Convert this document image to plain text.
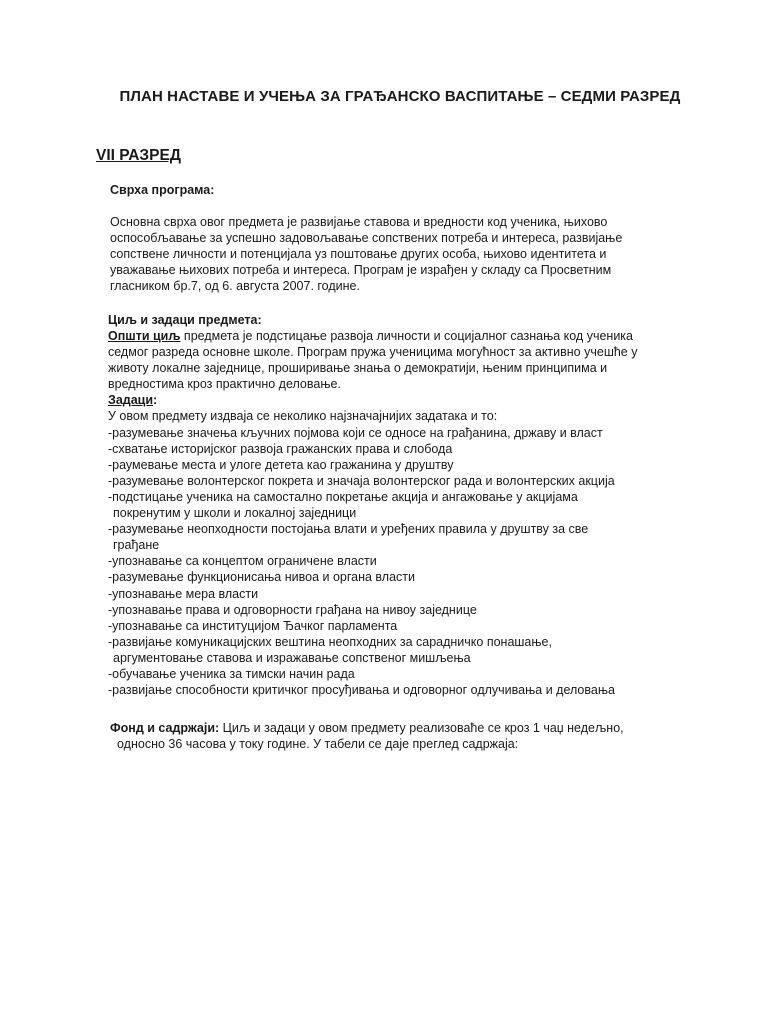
ПЛАН НАСТАВЕ И УЧЕЊА ЗА ГРАЂАНСКО ВАСПИТАЊЕ – СЕДМИ РАЗРЕД
VII РАЗРЕД
Сврха програма:
Основна сврха овог предмета је развијање ставова и вредности код ученика, њихово
оспособљавање за успешно задовољавање сопствених потреба и интереса, развијање
сопствене личности и потенцијала уз поштовање других особа, њихово идентитета и
уважавање њихових потреба и интереса. Програм је израђен у складу са Просветним
гласником бр.7, од 6. августа 2007. године.
Циљ и задаци предмета:
Општи циљ предмета је подстицање развоја личности и социјалног сазнања код ученика
седмог разреда основне школе. Програм пружа ученицима могућност за активно учешће у
животу локалне заједнице, проширивање знања о демократији, њеним принципима и
вредностима кроз практично деловање.
Задаци:
У овом предмету издваја се неколико најзначајнијих задатака и то:
-разумевање значења кључних појмова који се односе на грађанина, државу и власт
-схватање историјског развоја гражанских права и слобода
-раумевање места и улоге детета као гражанина у друштву
-разумевање волонтерског покрета и значаја волонтерског рада и волонтерских акција
-подстицање ученика на самостално покретање акција и ангажовање у акцијама
покренутим у школи и локалној заједници
-разумевање неопходности постојања влати и уређених правила у друштву за све
грађане
-упознавање са концептом ограничене власти
-разумевање функционисања нивоа и органа власти
-упознавање мера власти
-упознавање права и одговорности грађана на нивоу заједнице
-упознавање са институцијом Ђачког парламента
-развијање комуникацијских вештина неопходних за сарадничко понашање,
аргументовање ставова и изражавање сопственог мишљења
-обучавање ученика за тимски начин рада
-развијање способности критичког просуђивања и одговорног одлучивања и деловања
Фонд и садржаји: Циљ и задаци у овом предмету реализоваће се кроз 1 чаџ недељно,
односно 36 часова у току године. У табели се даје преглед садржаја:
